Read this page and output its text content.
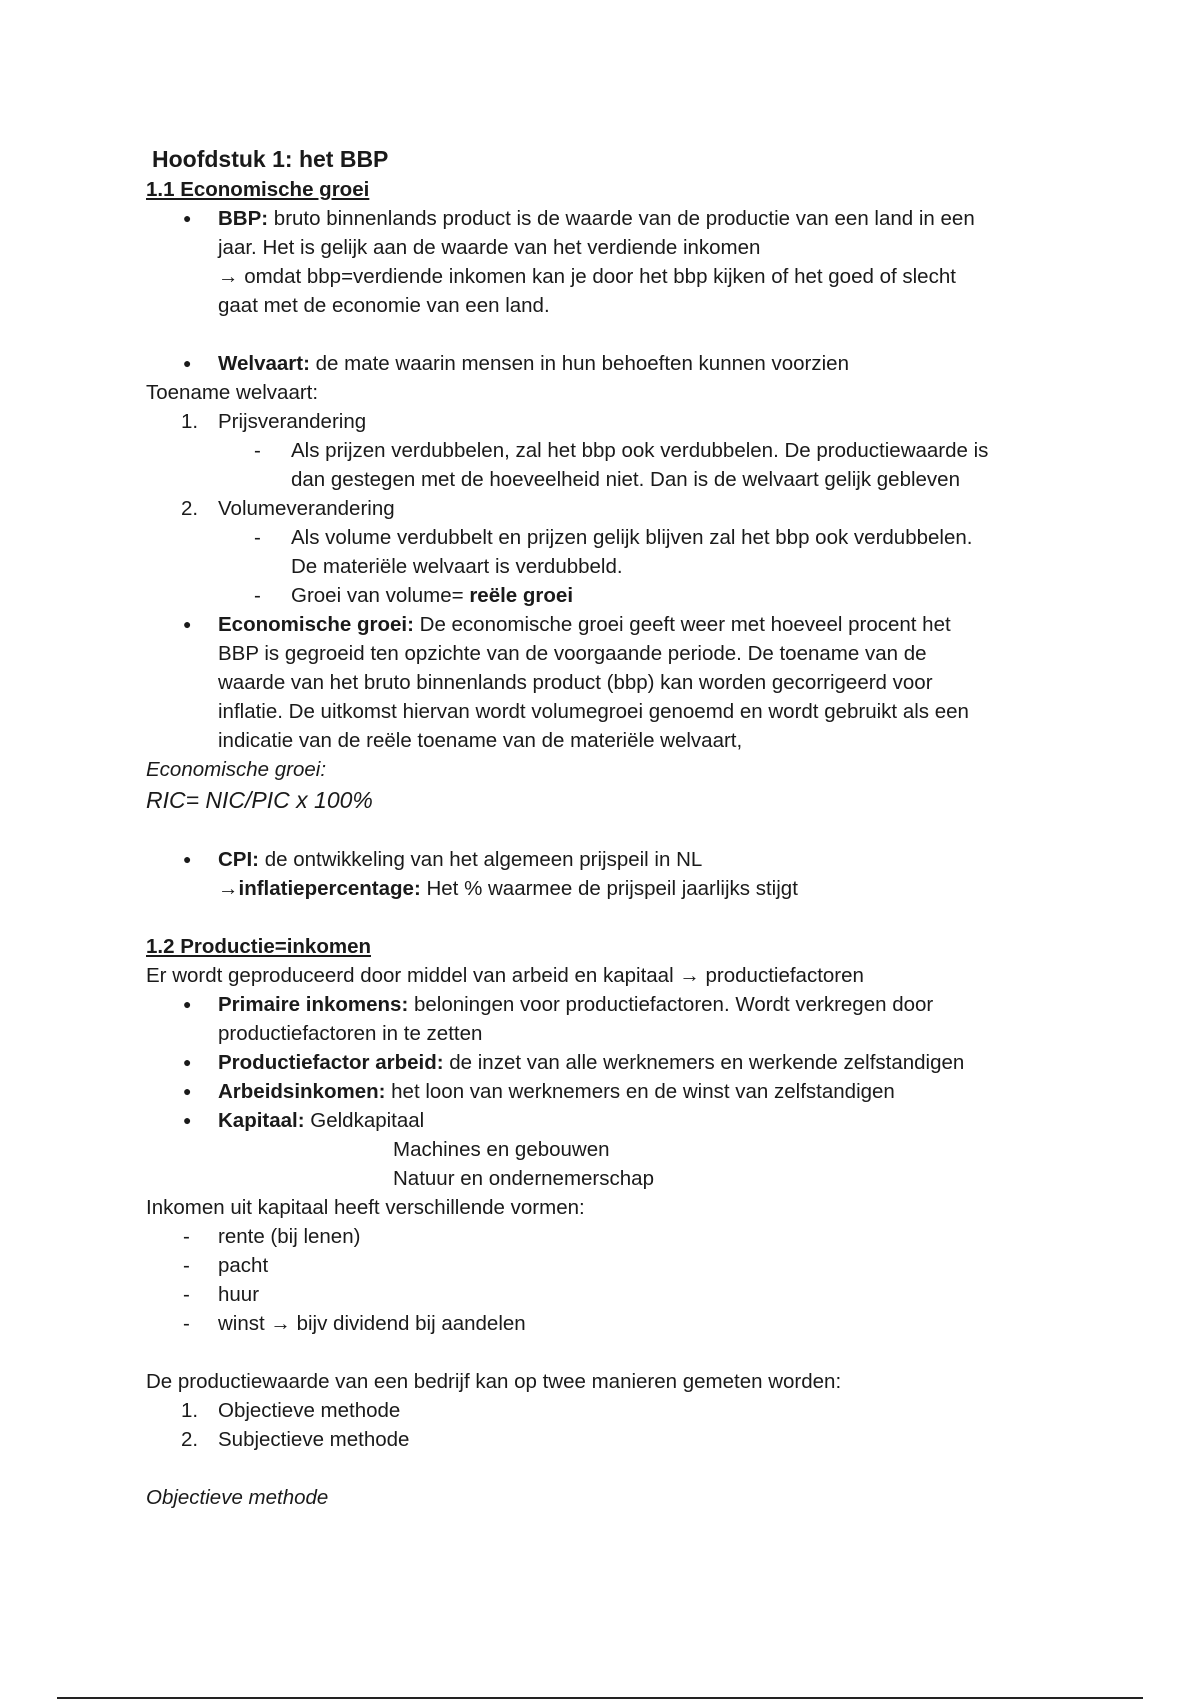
Hoofdstuk 1: het BBP
1.1 Economische groei
● BBP: bruto binnenlands product is de waarde van de productie van een land in een
jaar. Het is gelijk aan de waarde van het verdiende inkomen
→ omdat bbp=verdiende inkomen kan je door het bbp kijken of het goed of slecht
gaat met de economie van een land.
● Welvaart: de mate waarin mensen in hun behoeften kunnen voorzien

Toename welvaart:

1. Prijsverandering
- Als prijzen verdubbelen, zal het bbp ook verdubbelen. De productiewaarde is
dan gestegen met de hoeveelheid niet. Dan is de welvaart gelijk gebleven
2. Volumeverandering
- Als volume verdubbelt en prijzen gelijk blijven zal het bbp ook verdubbelen.
De materiële welvaart is verdubbeld.
- Groei van volume= reële groei
● Economische groei: De economische groei geeft weer met hoeveel procent het
BBP is gegroeid ten opzichte van de voorgaande periode. De toename van de
waarde van het bruto binnenlands product (bbp) kan worden gecorrigeerd voor
inflatie. De uitkomst hiervan wordt volumegroei genoemd en wordt gebruikt als een
indicatie van de reële toename van de materiële welvaart,

Economische groei:

RIC= NIC/PIC x 100%

● CPI: de ontwikkeling van het algemeen prijspeil in NL
→inflatiepercentage: Het % waarmee de prijspeil jaarlijks stijgt
1.2 Productie=inkomen

Er wordt geproduceerd door middel van arbeid en kapitaal → productiefactoren

● Primaire inkomens: beloningen voor productiefactoren. Wordt verkregen door
productiefactoren in te zetten
● Productiefactor arbeid: de inzet van alle werknemers en werkende zelfstandigen
● Arbeidsinkomen: het loon van werknemers en de winst van zelfstandigen
● Kapitaal: Geldkapitaal
Machines en gebouwen
Natuur en ondernemerschap

Inkomen uit kapitaal heeft verschillende vormen:

- rente (bij lenen)
- pacht
- huur
- winst → bijv dividend bij aandelen

De productiewaarde van een bedrijf kan op twee manieren gemeten worden:

1. Objectieve methode
2. Subjectieve methode

Objectieve methode
